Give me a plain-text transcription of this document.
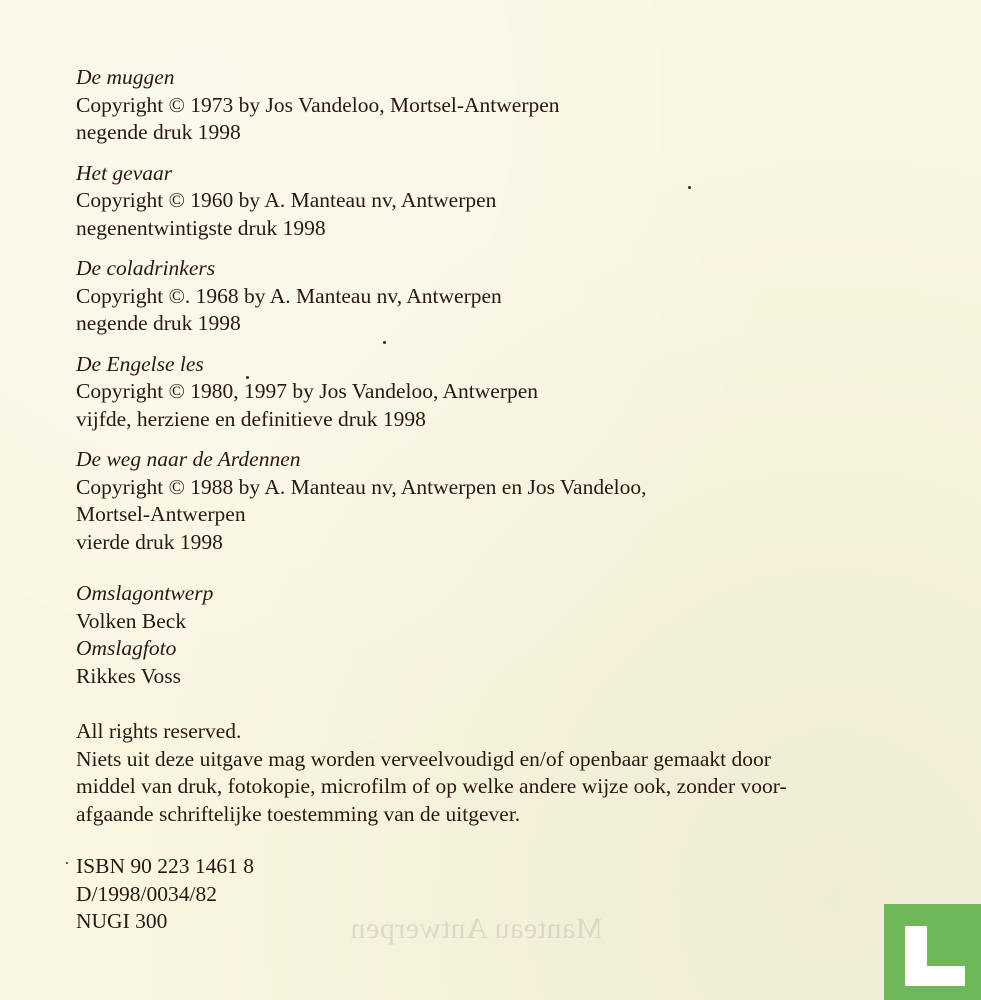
De muggen
Copyright © 1973 by Jos Vandeloo, Mortsel-Antwerpen
negende druk 1998
Het gevaar
Copyright © 1960 by A. Manteau nv, Antwerpen
negenentwintigste druk 1998
De coladrinkers
Copyright ©. 1968 by A. Manteau nv, Antwerpen
negende druk 1998
De Engelse les
Copyright © 1980, 1997 by Jos Vandeloo, Antwerpen
vijfde, herziene en definitieve druk 1998
De weg naar de Ardennen
Copyright © 1988 by A. Manteau nv, Antwerpen en Jos Vandeloo,
Mortsel-Antwerpen
vierde druk 1998
Omslagontwerp
Volken Beck
Omslagfoto
Rikkes Voss
All rights reserved.
Niets uit deze uitgave mag worden verveelvoudigd en/of openbaar gemaakt door
middel van druk, fotokopie, microfilm of op welke andere wijze ook, zonder voor-
afgaande schriftelijke toestemming van de uitgever.
ISBN 90 223 1461 8
D/1998/0034/82
NUGI 300	Manteau Antwerpen
